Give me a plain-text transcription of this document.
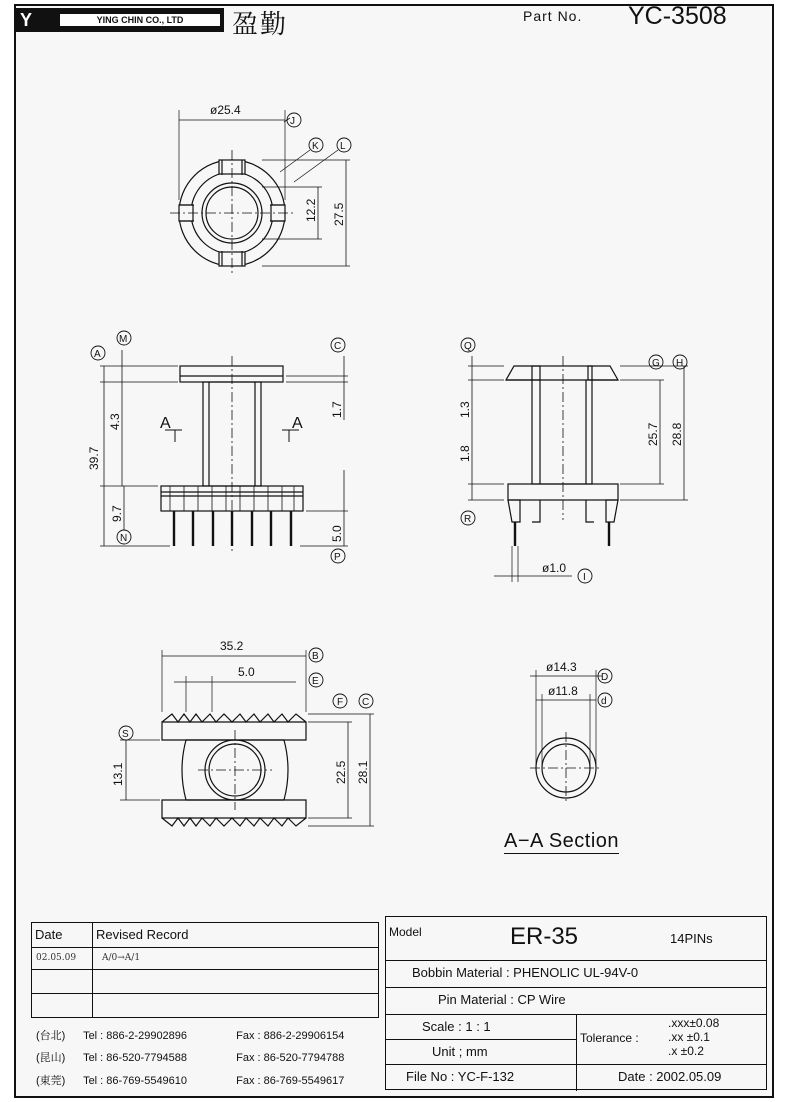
Y	YING CHIN CO., LTD	盈勤	Part No. YC-3508
ø25.4
12.2 27.5
39.7
4.3
9.7
1.7
5.0
A	A
1.3
1.8
25.7 28.8
ø1.0
35.2
5.0
13.1	22.5 28.1
ø14.3
ø11.8
J
K L
A
M
C
N
P
Q
G H
R
I
B
E
F C
S
D
d
A−A Section
Date	Revised Record
02.05.09	A/0→A/1
(台北) Tel : 886-2-29902896	Fax : 886-2-29906154
(昆山) Tel : 86-520-7794588	Fax : 86-520-7794788
(東莞) Tel : 86-769-5549610	Fax : 86-769-5549617
Model	ER-35	14PINs
Bobbin Material : PHENOLIC UL-94V-0
Pin Material : CP Wire
Scale : 1 : 1
Unit ; mm
File No : YC-F-132
Tolerance :
.xxx±0.08
.xx ±0.1
.x ±0.2
Date : 2002.05.09
